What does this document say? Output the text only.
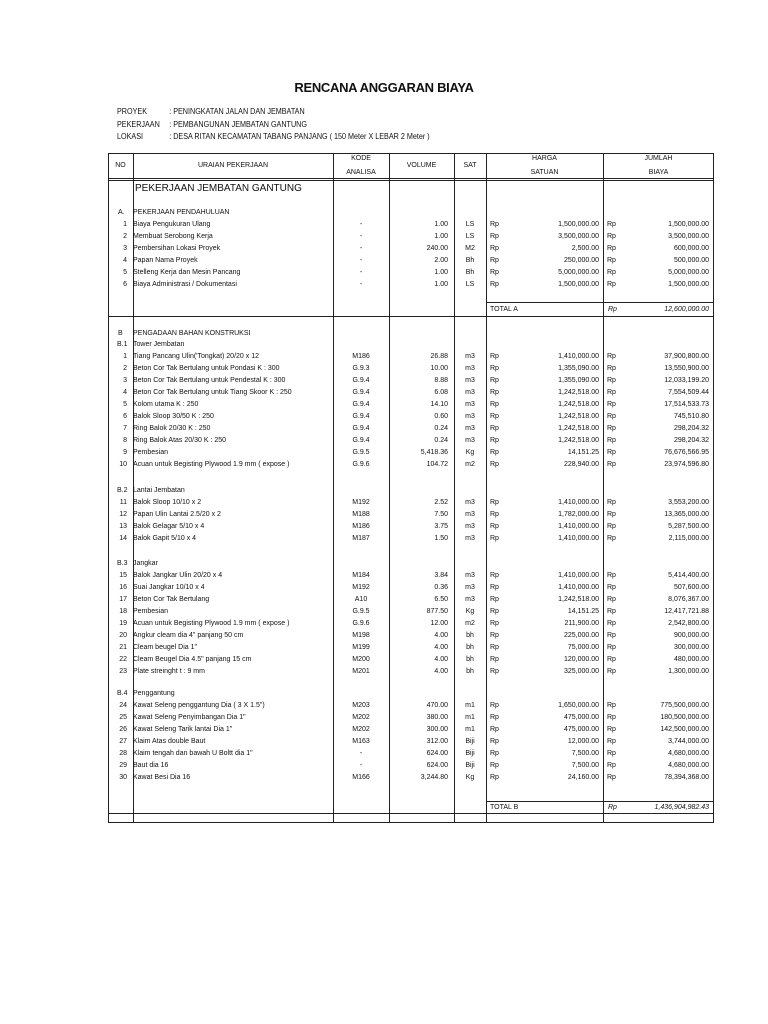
RENCANA ANGGARAN BIAYA
PROYEK	: PENINGKATAN JALAN DAN JEMBATAN
PEKERJAAN : PEMBANGUNAN JEMBATAN GANTUNG
LOKASI	: DESA RITAN KECAMATAN TABANG PANJANG ( 150 Meter X LEBAR 2 Meter )
NO	URAIAN PEKERJAAN
KODE
ANALISA
VOLUME	SAT
HARGA
SATUAN
JUMLAH
BIAYA
PEKERJAAN JEMBATAN GANTUNG
A.	PEKERJAAN PENDAHULUAN
1 Biaya Pengukuran Ulang	-	1.00	LS	Rp	1,500,000.00 Rp	1,500,000.00
2 Membuat Serobong Kerja	-	1.00	LS	Rp	3,500,000.00 Rp	3,500,000.00
3 Pembersihan Lokasi Proyek	-	240.00	M2	Rp	2,500.00 Rp	600,000.00
4 Papan Nama Proyek	-	2.00	Bh	Rp	250,000.00 Rp	500,000.00
5 Stelleng Kerja dan Mesin Pancang	-	1.00	Bh	Rp	5,000,000.00 Rp	5,000,000.00
6 Biaya Administrasi / Dokumentasi	-	1.00	LS	Rp	1,500,000.00 Rp	1,500,000.00
TOTAL A	Rp	12,600,000.00
B	PENGADAAN BAHAN KONSTRUKSI
B.1 Tower Jembatan
1 Tiang Pancang Ulin('Tongkat) 20/20 x 12	M186	26.88	m3	Rp	1,410,000.00 Rp	37,900,800.00
2 Beton Cor Tak Bertulang untuk Pondasi K : 300	G.9.3	10.00	m3	Rp	1,355,090.00 Rp	13,550,900.00
3 Beton Cor Tak Bertulang untuk Pendestal K : 300	G.9.4	8.88	m3	Rp	1,355,090.00 Rp	12,033,199.20
4 Beton Cor Tak Bertulang untuk Tiang Skoor K : 250	G.9.4	6.08	m3	Rp	1,242,518.00 Rp	7,554,509.44
5 Kolom utama K : 250	G.9.4	14.10	m3	Rp	1,242,518.00 Rp	17,514,533.73
6 Balok Sloop 30/50 K : 250	G.9.4	0.60	m3	Rp	1,242,518.00 Rp	745,510.80
7 Ring Balok 20/30 K : 250	G.9.4	0.24	m3	Rp	1,242,518.00 Rp	298,204.32
8 Ring Balok Atas 20/30 K : 250	G.9.4	0.24	m3	Rp	1,242,518.00 Rp	298,204.32
9 Pembesian	G.9.5	5,418.36	Kg	Rp	14,151.25 Rp	76,676,566.95
10 Acuan untuk Begisting Plywood 1.9 mm ( expose )	G.9.6	104.72	m2	Rp	228,940.00 Rp	23,974,596.80
B.2 Lantai Jembatan
11 Balok Sloop 10/10 x 2	M192	2.52	m3	Rp	1,410,000.00 Rp	3,553,200.00
12 Papan Ulin Lantai 2.5/20 x 2	M188	7.50	m3	Rp	1,782,000.00 Rp	13,365,000.00
13 Balok Gelagar 5/10 x 4	M186	3.75	m3	Rp	1,410,000.00 Rp	5,287,500.00
14 Balok Gapit 5/10 x 4	M187	1.50	m3	Rp	1,410,000.00 Rp	2,115,000.00
B.3 Jangkar
15 Balok Jangkar Ulin 20/20 x 4	M184	3.84	m3	Rp	1,410,000.00 Rp	5,414,400.00
16 Suai Jangkar 10/10 x 4	M192	0.36	m3	Rp	1,410,000.00 Rp	507,600.00
17 Beton Cor Tak Bertulang	A10	6.50	m3	Rp	1,242,518.00 Rp	8,076,367.00
18 Pembesian	G.9.5	877.50	Kg	Rp	14,151.25 Rp	12,417,721.88
19 Acuan untuk Begisting Plywood 1.9 mm ( expose )	G.9.6	12.00	m2	Rp	211,900.00 Rp	2,542,800.00
20 Angkur cleam dia 4" panjang 50 cm	M198	4.00	bh	Rp	225,000.00 Rp	900,000.00
21 Cleam beugel Dia 1"	M199	4.00	bh	Rp	75,000.00 Rp	300,000.00
22 Cleam Beugel Dia 4.5" panjang 15 cm	M200	4.00	bh	Rp	120,000.00 Rp	480,000.00
23 Plate streinght t : 9 mm	M201	4.00	bh	Rp	325,000.00 Rp	1,300,000.00
B.4 Penggantung
24 Kawat Seleng penggantung Dia ( 3 X 1.5")	M203	470.00	m1	Rp	1,650,000.00 Rp	775,500,000.00
25 Kawat Seleng Penyimbangan Dia 1"	M202	380.00	m1	Rp	475,000.00 Rp	180,500,000.00
26 Kawat Seleng Tarik lantai Dia 1"	M202	300.00	m1	Rp	475,000.00 Rp	142,500,000.00
27 Klaim Atas double Baut	M163	312.00	Biji	Rp	12,000.00 Rp	3,744,000.00
28 Klaim tengah dan bawah U Boltt dia 1"	-	624.00	Biji	Rp	7,500.00 Rp	4,680,000.00
29 Baut dia 16	-	624.00	Biji	Rp	7,500.00 Rp	4,680,000.00
30 Kawat Besi Dia 16	M166	3,244.80	Kg	Rp	24,160.00 Rp	78,394,368.00
TOTAL B	Rp	1,436,904,982.43
